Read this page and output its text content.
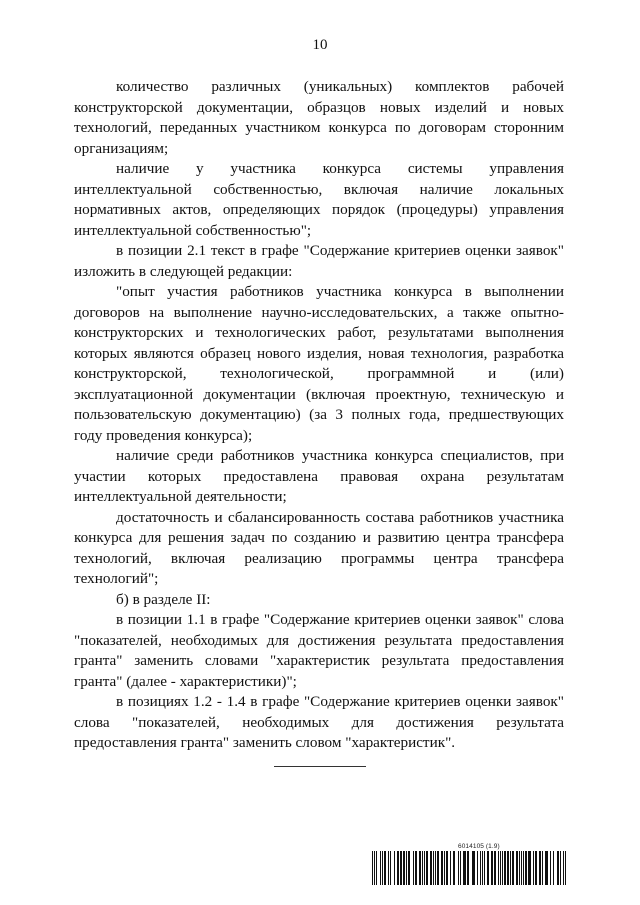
10

количество различных (уникальных) комплектов рабочей конструкторской документации, образцов новых изделий и новых технологий, переданных участником конкурса по договорам сторонним организациям;

наличие у участника конкурса системы управления интеллектуальной собственностью, включая наличие локальных нормативных актов, определяющих порядок (процедуры) управления интеллектуальной собственностью";

в позиции 2.1 текст в графе "Содержание критериев оценки заявок" изложить в следующей редакции:

"опыт участия работников участника конкурса в выполнении договоров на выполнение научно-исследовательских, а также опытно-конструкторских и технологических работ, результатами выполнения которых являются образец нового изделия, новая технология, разработка конструкторской, технологической, программной и (или) эксплуатационной документации (включая проектную, техническую и пользовательскую документацию) (за 3 полных года, предшествующих году проведения конкурса);

наличие среди работников участника конкурса специалистов, при участии которых предоставлена правовая охрана результатам интеллектуальной деятельности;

достаточность и сбалансированность состава работников участника конкурса для решения задач по созданию и развитию центра трансфера технологий, включая реализацию программы центра трансфера технологий";

б) в разделе II:

в позиции 1.1 в графе "Содержание критериев оценки заявок" слова "показателей, необходимых для достижения результата предоставления гранта" заменить словами "характеристик результата предоставления гранта" (далее - характеристики)";

в позициях 1.2 - 1.4 в графе "Содержание критериев оценки заявок" слова "показателей, необходимых для достижения результата предоставления гранта" заменить словом "характеристик".

6014105 (1.9)
